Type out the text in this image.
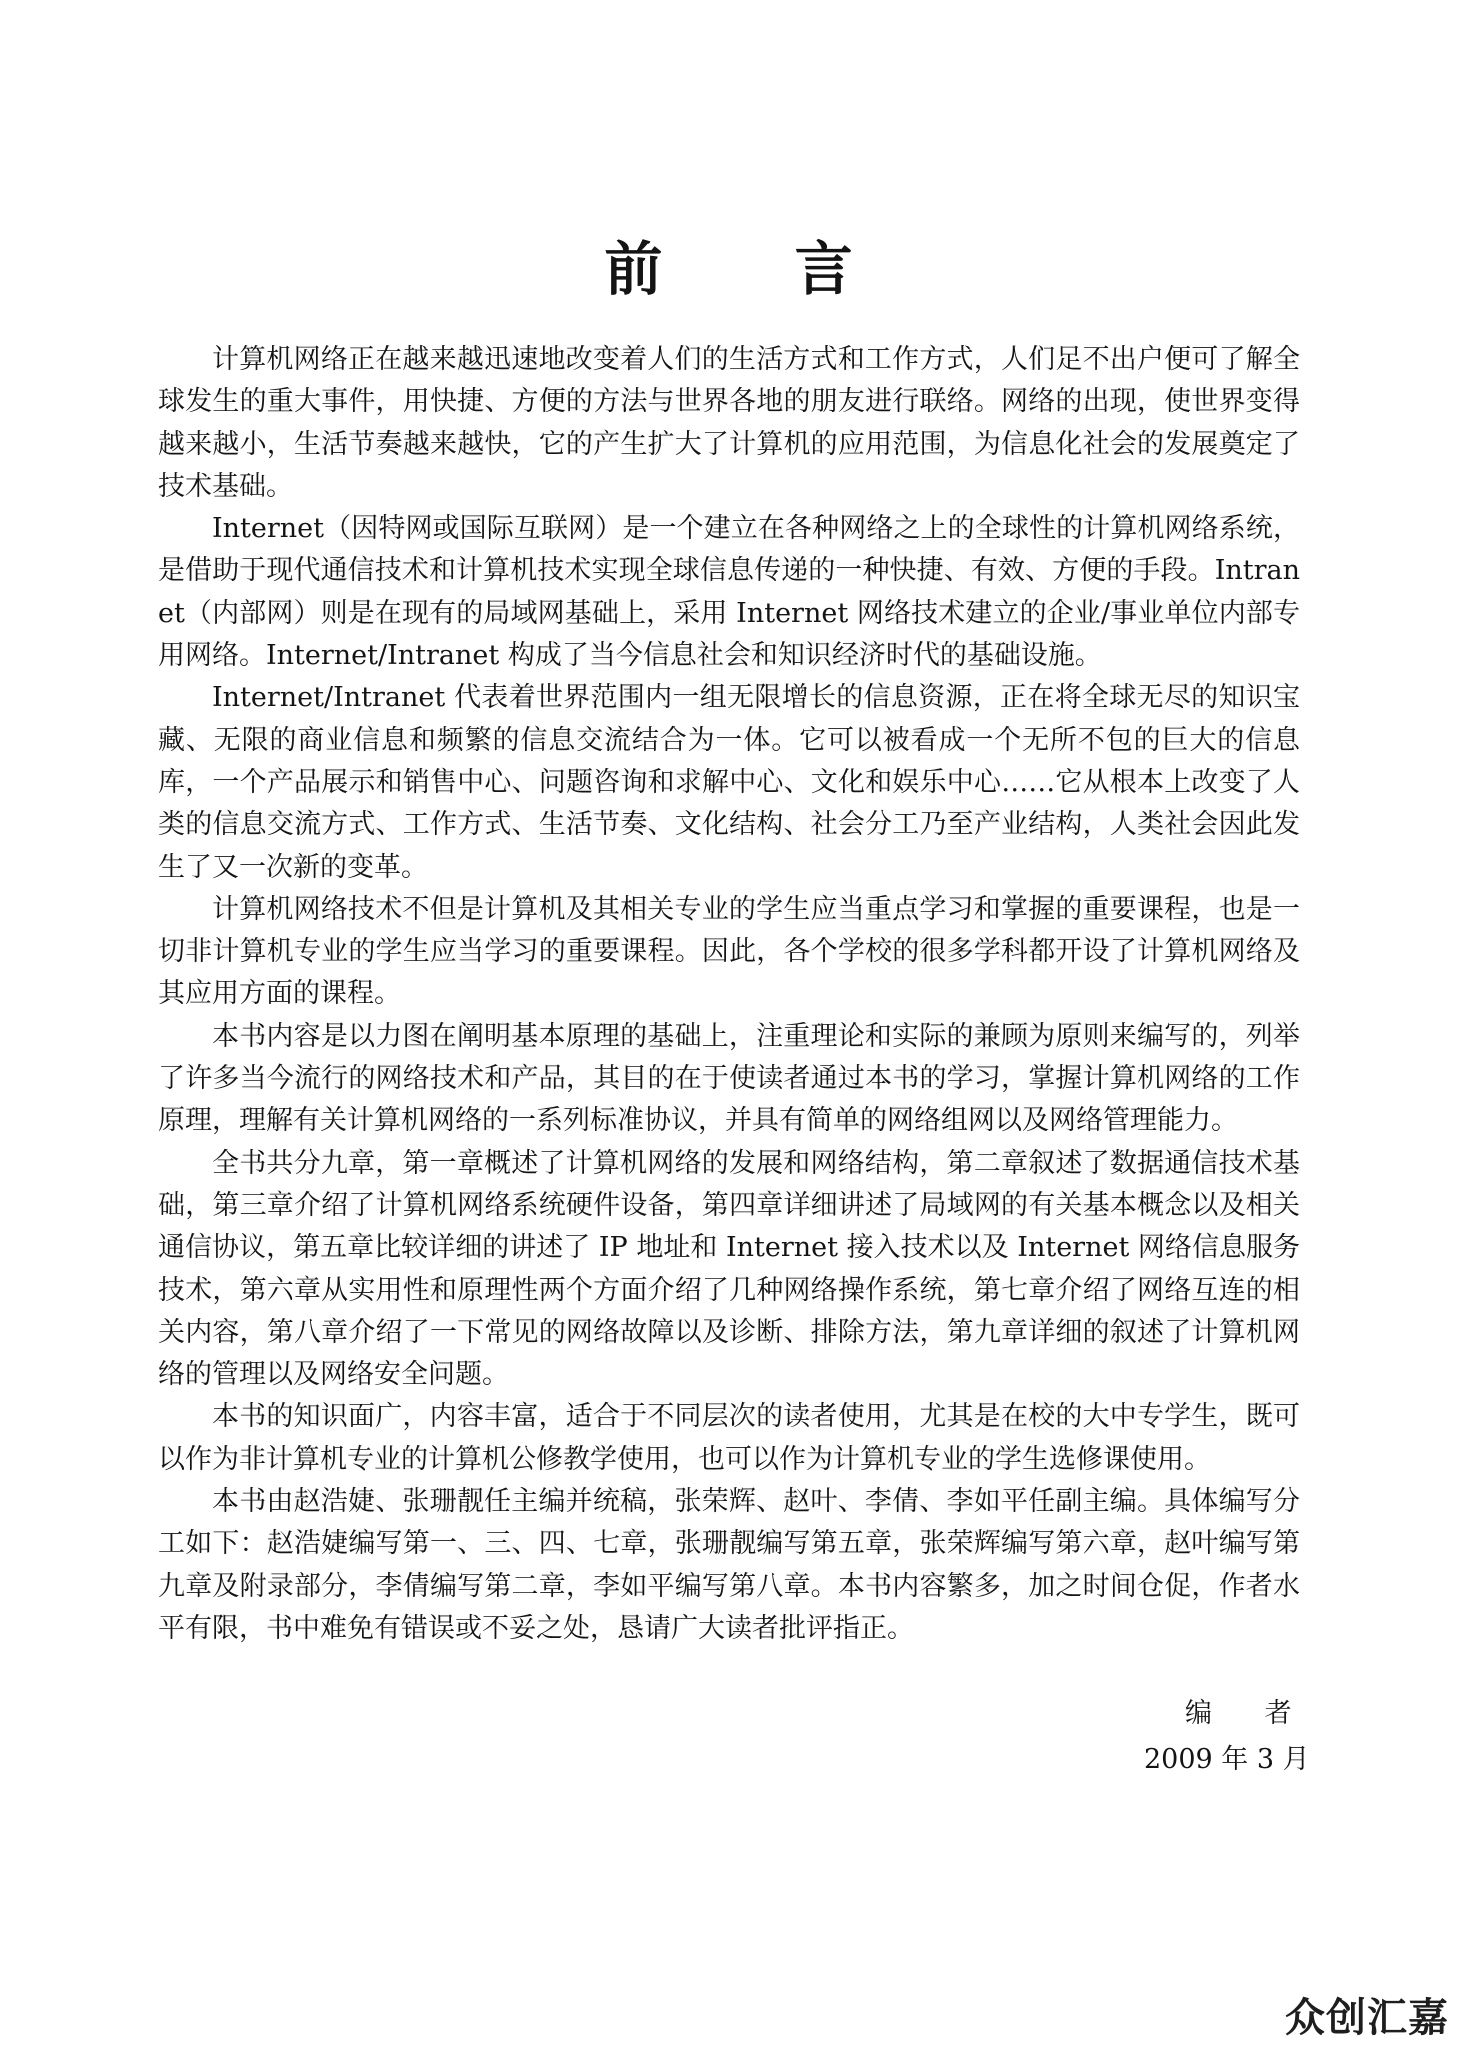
前 言

计算机网络正在越来越迅速地改变着人们的生活方式和工作方式，人们足不出户便可了解全球发生的重大事件，用快捷、方便的方法与世界各地的朋友进行联络。网络的出现，使世界变得越来越小，生活节奏越来越快，它的产生扩大了计算机的应用范围，为信息化社会的发展奠定了技术基础。

Internet（因特网或国际互联网）是一个建立在各种网络之上的全球性的计算机网络系统，是借助于现代通信技术和计算机技术实现全球信息传递的一种快捷、有效、方便的手段。Intranet（内部网）则是在现有的局域网基础上，采用 Internet 网络技术建立的企业/事业单位内部专用网络。Internet/Intranet 构成了当今信息社会和知识经济时代的基础设施。

Internet/Intranet 代表着世界范围内一组无限增长的信息资源，正在将全球无尽的知识宝藏、无限的商业信息和频繁的信息交流结合为一体。它可以被看成一个无所不包的巨大的信息库，一个产品展示和销售中心、问题咨询和求解中心、文化和娱乐中心……它从根本上改变了人类的信息交流方式、工作方式、生活节奏、文化结构、社会分工乃至产业结构，人类社会因此发生了又一次新的变革。

计算机网络技术不但是计算机及其相关专业的学生应当重点学习和掌握的重要课程，也是一切非计算机专业的学生应当学习的重要课程。因此，各个学校的很多学科都开设了计算机网络及其应用方面的课程。

本书内容是以力图在阐明基本原理的基础上，注重理论和实际的兼顾为原则来编写的，列举了许多当今流行的网络技术和产品，其目的在于使读者通过本书的学习，掌握计算机网络的工作原理，理解有关计算机网络的一系列标准协议，并具有简单的网络组网以及网络管理能力。

全书共分九章，第一章概述了计算机网络的发展和网络结构，第二章叙述了数据通信技术基础，第三章介绍了计算机网络系统硬件设备，第四章详细讲述了局域网的有关基本概念以及相关通信协议，第五章比较详细的讲述了 IP 地址和 Internet 接入技术以及 Internet 网络信息服务技术，第六章从实用性和原理性两个方面介绍了几种网络操作系统，第七章介绍了网络互连的相关内容，第八章介绍了一下常见的网络故障以及诊断、排除方法，第九章详细的叙述了计算机网络的管理以及网络安全问题。

本书的知识面广，内容丰富，适合于不同层次的读者使用，尤其是在校的大中专学生，既可以作为非计算机专业的计算机公修教学使用，也可以作为计算机专业的学生选修课使用。

本书由赵浩婕、张珊靓任主编并统稿，张荣辉、赵叶、李倩、李如平任副主编。具体编写分工如下：赵浩婕编写第一、三、四、七章，张珊靓编写第五章，张荣辉编写第六章，赵叶编写第九章及附录部分，李倩编写第二章，李如平编写第八章。本书内容繁多，加之时间仓促，作者水平有限，书中难免有错误或不妥之处，恳请广大读者批评指正。

编 者
2009 年 3 月
众创汇嘉
